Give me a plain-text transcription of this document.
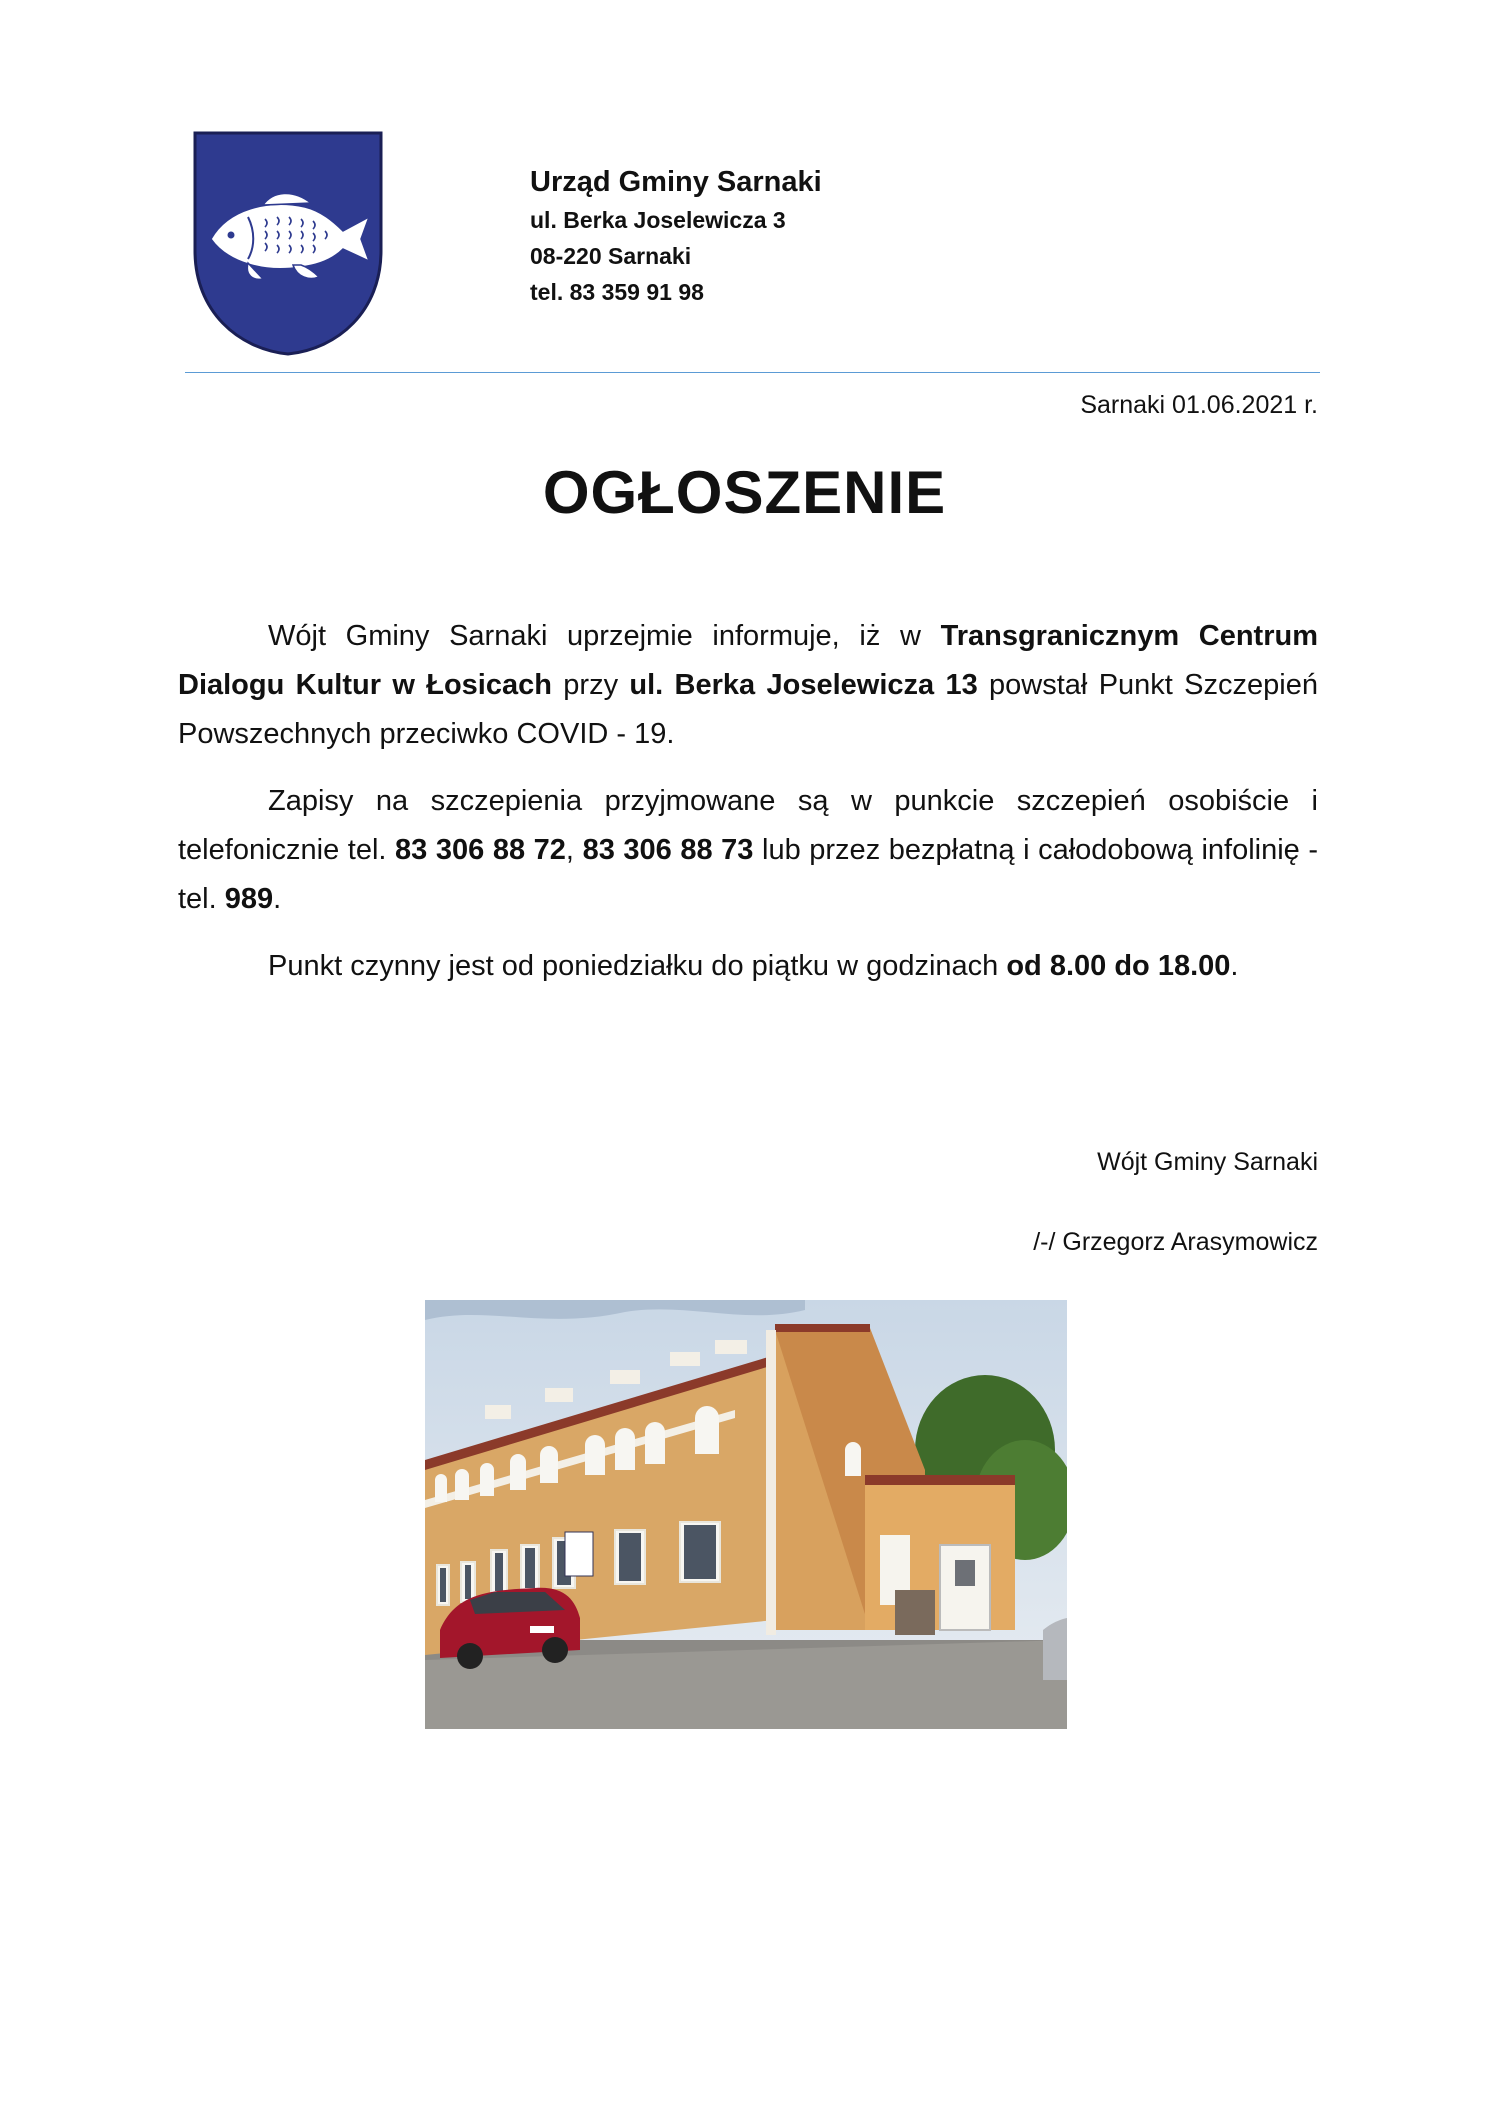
Urząd Gminy Sarnaki
ul. Berka Joselewicza 3
08-220 Sarnaki
tel. 83 359 91 98
Sarnaki 01.06.2021 r.
OGŁOSZENIE

Wójt Gminy Sarnaki uprzejmie informuje, iż w Transgranicznym Centrum Dialogu Kultur w Łosicach przy ul. Berka Joselewicza 13 powstał Punkt Szczepień Powszechnych przeciwko COVID - 19.

Zapisy na szczepienia przyjmowane są w punkcie szczepień osobiście i telefonicznie tel. 83 306 88 72, 83 306 88 73 lub przez bezpłatną i całodobową infolinię - tel. 989.

Punkt czynny jest od poniedziałku do piątku w godzinach od 8.00 do 18.00.

Wójt Gminy Sarnaki
/-/ Grzegorz Arasymowicz
